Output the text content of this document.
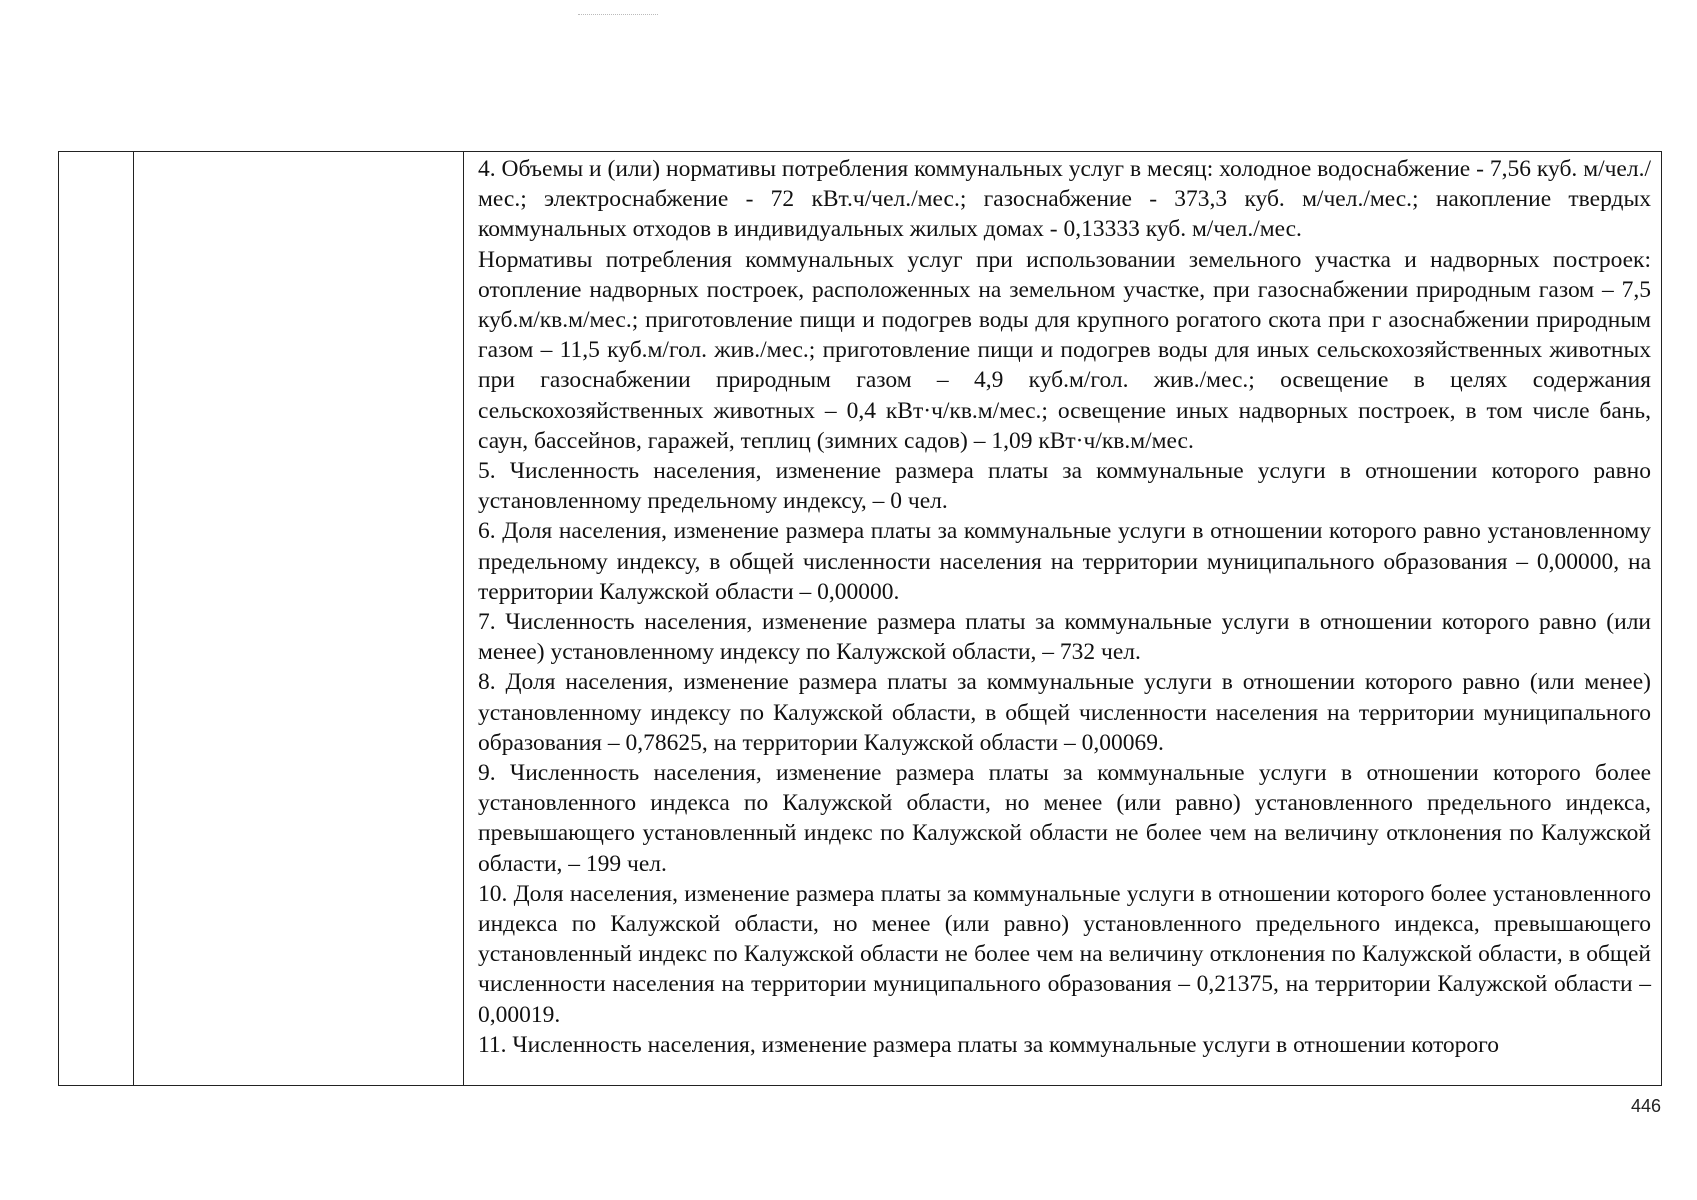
4. Объемы и (или) нормативы потребления коммунальных услуг в месяц: холодное водоснабжение - 7,56 куб. м/чел./мес.; электроснабжение - 72 кВт.ч/чел./мес.; газоснабжение - 373,3 куб. м/чел./мес.; накопление твердых коммунальных отходов в индивидуальных жилых домах - 0,13333 куб. м/чел./мес.

Нормативы потребления коммунальных услуг при использовании земельного участка и надворных построек: отопление надворных построек, расположенных на земельном участке, при газоснабжении природным газом – 7,5 куб.м/кв.м/мес.; приготовление пищи и подогрев воды для крупного рогатого скота при г азоснабжении природным газом – 11,5 куб.м/гол. жив./мес.; приготовление пищи и подогрев воды для иных сельскохозяйственных животных при газоснабжении природным газом – 4,9 куб.м/гол. жив./мес.; освещение в целях содержания сельскохозяйственных животных – 0,4 кВт·ч/кв.м/мес.; освещение иных надворных построек, в том числе бань, саун, бассейнов, гаражей, теплиц (зимних садов) – 1,09 кВт·ч/кв.м/мес.

5. Численность населения, изменение размера платы за коммунальные услуги в отношении которого равно установленному предельному индексу, – 0 чел.

6. Доля населения, изменение размера платы за коммунальные услуги в отношении которого равно установленному предельному индексу, в общей численности населения на территории муниципального образования – 0,00000, на территории Калужской области – 0,00000.

7. Численность населения, изменение размера платы за коммунальные услуги в отношении которого равно (или менее) установленному индексу по Калужской области, – 732 чел.

8. Доля населения, изменение размера платы за коммунальные услуги в отношении которого равно (или менее) установленному индексу по Калужской области, в общей численности населения на территории муниципального образования – 0,78625, на территории Калужской области – 0,00069.

9. Численность населения, изменение размера платы за коммунальные услуги в отношении которого более установленного индекса по Калужской области, но менее (или равно) установленного предельного индекса, превышающего установленный индекс по Калужской области не более чем на величину отклонения по Калужской области, – 199 чел.

10. Доля населения, изменение размера платы за коммунальные услуги в отношении которого более установленного индекса по Калужской области, но менее (или равно) установленного предельного индекса, превышающего установленный индекс по Калужской области не более чем на величину отклонения по Калужской области, в общей численности населения на территории муниципального образования – 0,21375, на территории Калужской области – 0,00019.

11. Численность населения, изменение размера платы за коммунальные услуги в отношении которого

446
